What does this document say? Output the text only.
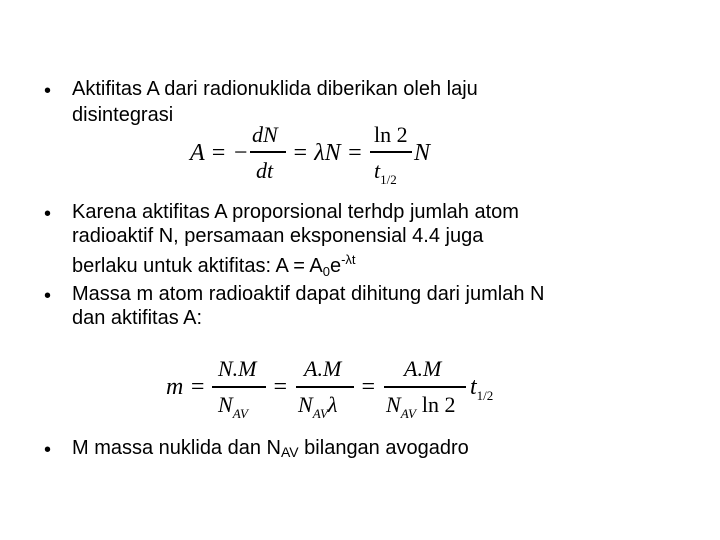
• Aktifitas A dari radionuklida diberikan oleh laju
disintegrasi
A = −
dN
dt
= λN =
ln 2
$t_{1/2}$
N
• Karena aktifitas A proporsional terhdp jumlah atom
radioaktif N, persamaan eksponensial 4.4 juga
berlaku untuk aktifitas: $A = A_0e^{-\lambda t}$
• Massa m atom radioaktif dapat dihitung dari jumlah N
dan aktifitas A:
m =
N.M
$N_{AV}$
=
A.M
$N_{AV}\lambda$
=
A.M
$N_{AV}$ ln 2
$t_{1/2}$
• M massa nuklida dan $N_{AV}$ bilangan avogadro
